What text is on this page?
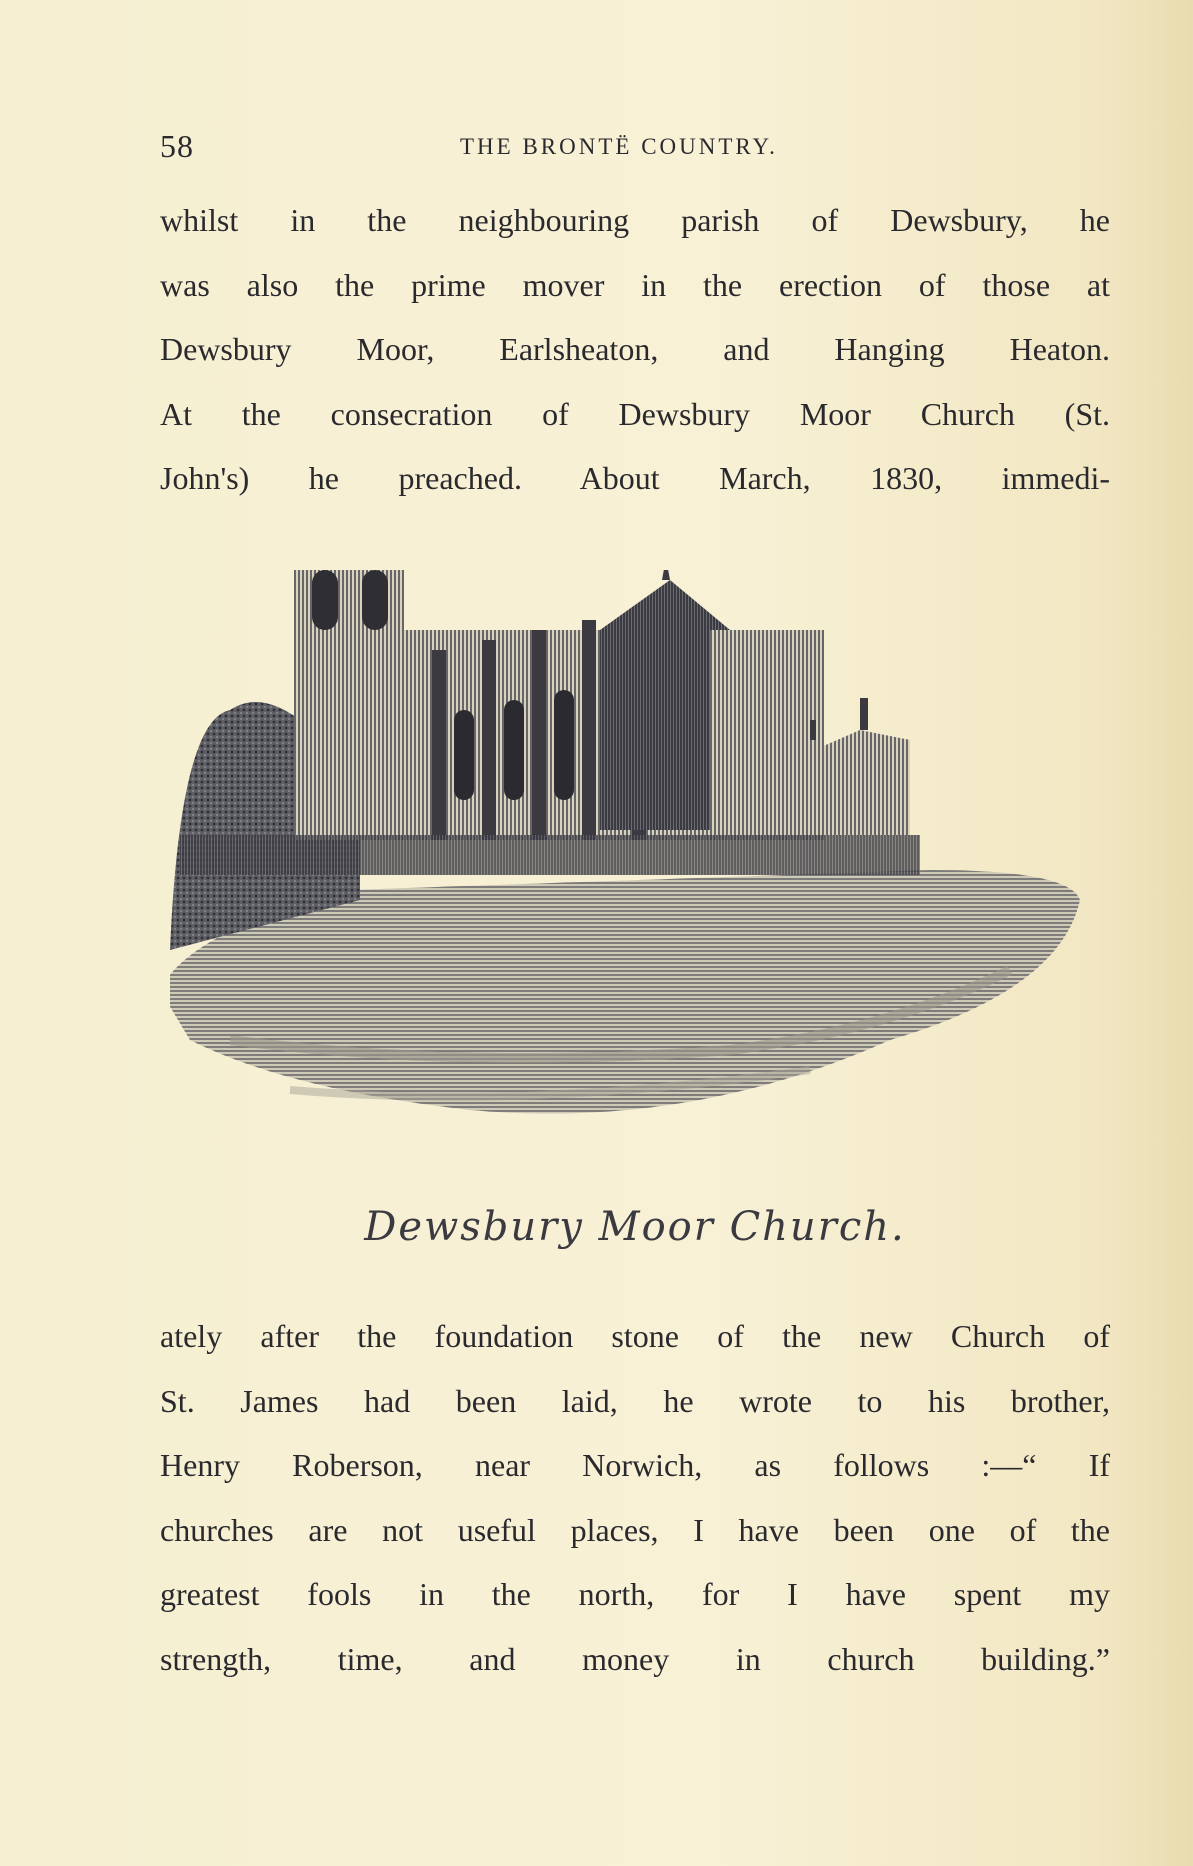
58	THE BRONTË COUNTRY.
whilst in the neighbouring parish of Dewsbury, he
was also the prime mover in the erection of those at
Dewsbury Moor, Earlsheaton, and Hanging Heaton.
At the consecration of Dewsbury Moor Church (St.
John's) he preached. About March, 1830, immedi-
Dewsbury Moor Church.
ately after the foundation stone of the new Church of
St. James had been laid, he wrote to his brother,
Henry Roberson, near Norwich, as follows :—“ If
churches are not useful places, I have been one of the
greatest fools in the north, for I have spent my
strength, time, and money in church building.”
